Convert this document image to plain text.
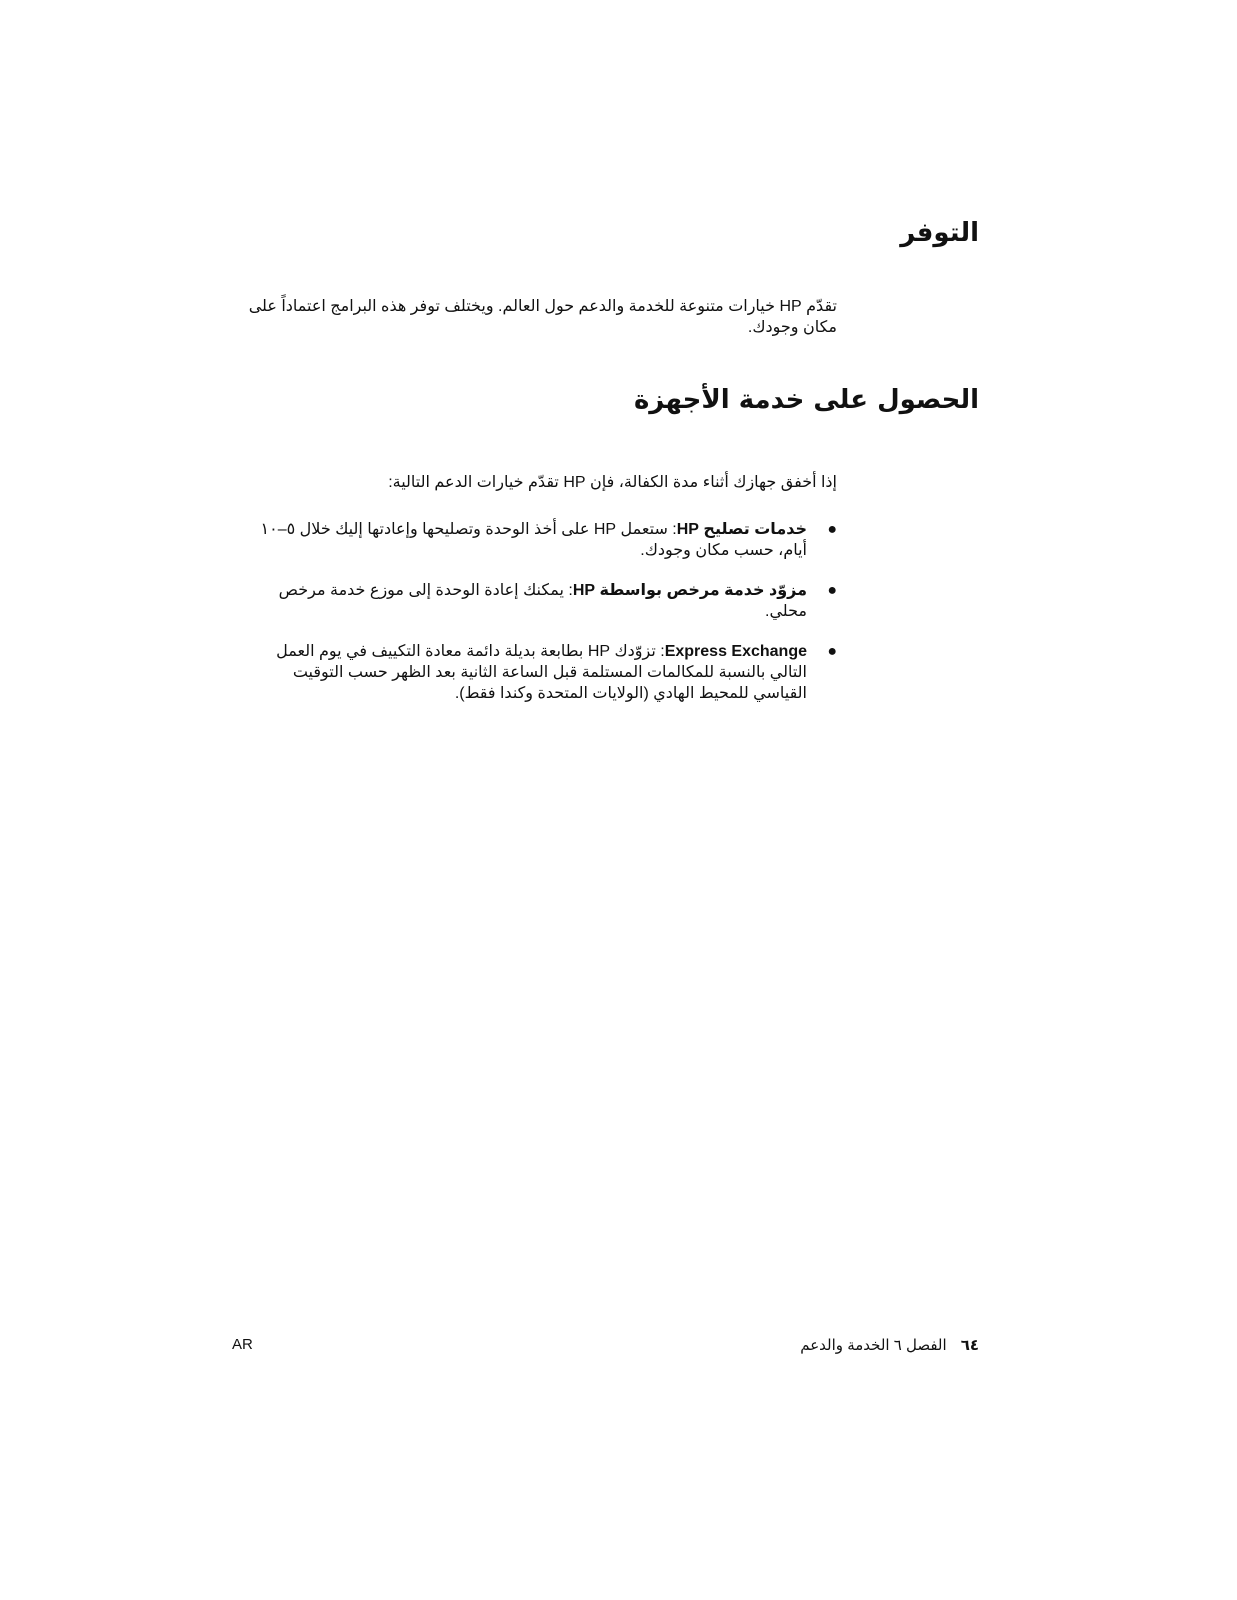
التوفر

تقدّم HP خيارات متنوعة للخدمة والدعم حول العالم. ويختلف توفر هذه البرامج اعتماداً على مكان وجودك.

الحصول على خدمة الأجهزة

إذا أخفق جهازك أثناء مدة الكفالة، فإن HP تقدّم خيارات الدعم التالية:

●
خدمات تصليح HP: ستعمل HP على أخذ الوحدة وتصليحها وإعادتها إليك خلال ٥–١٠ أيام، حسب مكان وجودك.
●
مزوّد خدمة مرخص بواسطة HP: يمكنك إعادة الوحدة إلى موزع خدمة مرخص محلي.
●
Express Exchange: تزوّدك HP بطابعة بديلة دائمة معادة التكييف في يوم العمل التالي بالنسبة للمكالمات المستلمة قبل الساعة الثانية بعد الظهر حسب التوقيت القياسي للمحيط الهادي (الولايات المتحدة وكندا فقط).
AR	٦٤الفصل ٦ الخدمة والدعم
